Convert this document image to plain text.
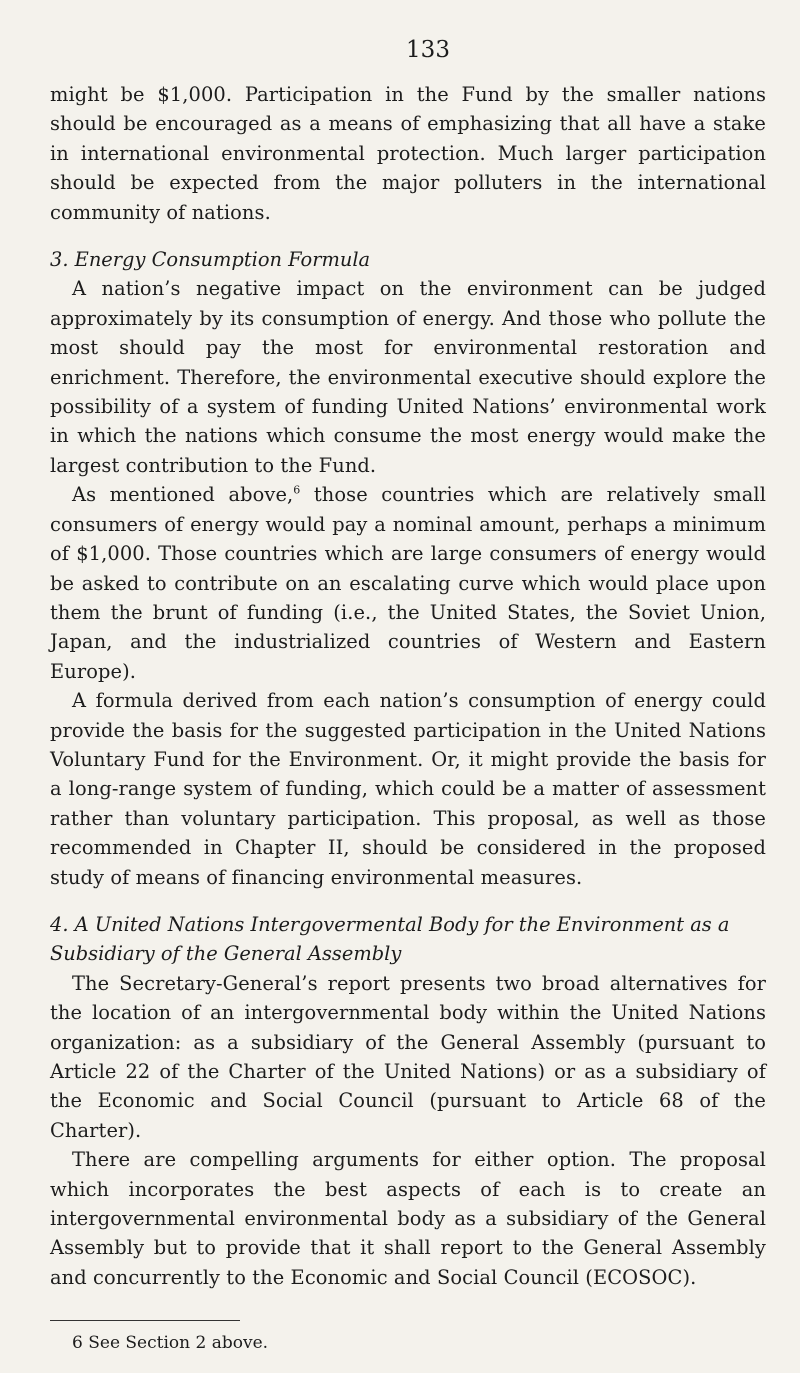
133

might be $1,000. Participation in the Fund by the smaller nations should be encouraged as a means of emphasizing that all have a stake in international environmental protection. Much larger participation should be expected from the major polluters in the international community of nations.

3. Energy Consumption Formula

A nation’s negative impact on the environment can be judged approximately by its consumption of energy. And those who pollute the most should pay the most for environmental restoration and enrichment. Therefore, the environmental executive should explore the possibility of a system of funding United Nations’ environmental work in which the nations which consume the most energy would make the largest contribution to the Fund.

As mentioned above,$^6$ those countries which are relatively small consumers of energy would pay a nominal amount, perhaps a minimum of $1,000. Those countries which are large consumers of energy would be asked to contribute on an escalating curve which would place upon them the brunt of funding (i.e., the United States, the Soviet Union, Japan, and the industrialized countries of Western and Eastern Europe).

A formula derived from each nation’s consumption of energy could provide the basis for the suggested participation in the United Nations Voluntary Fund for the Environment. Or, it might provide the basis for a long-range system of funding, which could be a matter of assessment rather than voluntary participation. This proposal, as well as those recommended in Chapter II, should be considered in the proposed study of means of financing environmental measures.

4. A United Nations Intergovermental Body for the Environment as a Subsidiary of the General Assembly

The Secretary-General’s report presents two broad alternatives for the location of an intergovernmental body within the United Nations organization: as a subsidiary of the General Assembly (pursuant to Article 22 of the Charter of the United Nations) or as a subsidiary of the Economic and Social Council (pursuant to Article 68 of the Charter).

There are compelling arguments for either option. The proposal which incorporates the best aspects of each is to create an intergovernmental environmental body as a subsidiary of the General Assembly but to provide that it shall report to the General Assembly and concurrently to the Economic and Social Council (ECOSOC).

6 See Section 2 above.
